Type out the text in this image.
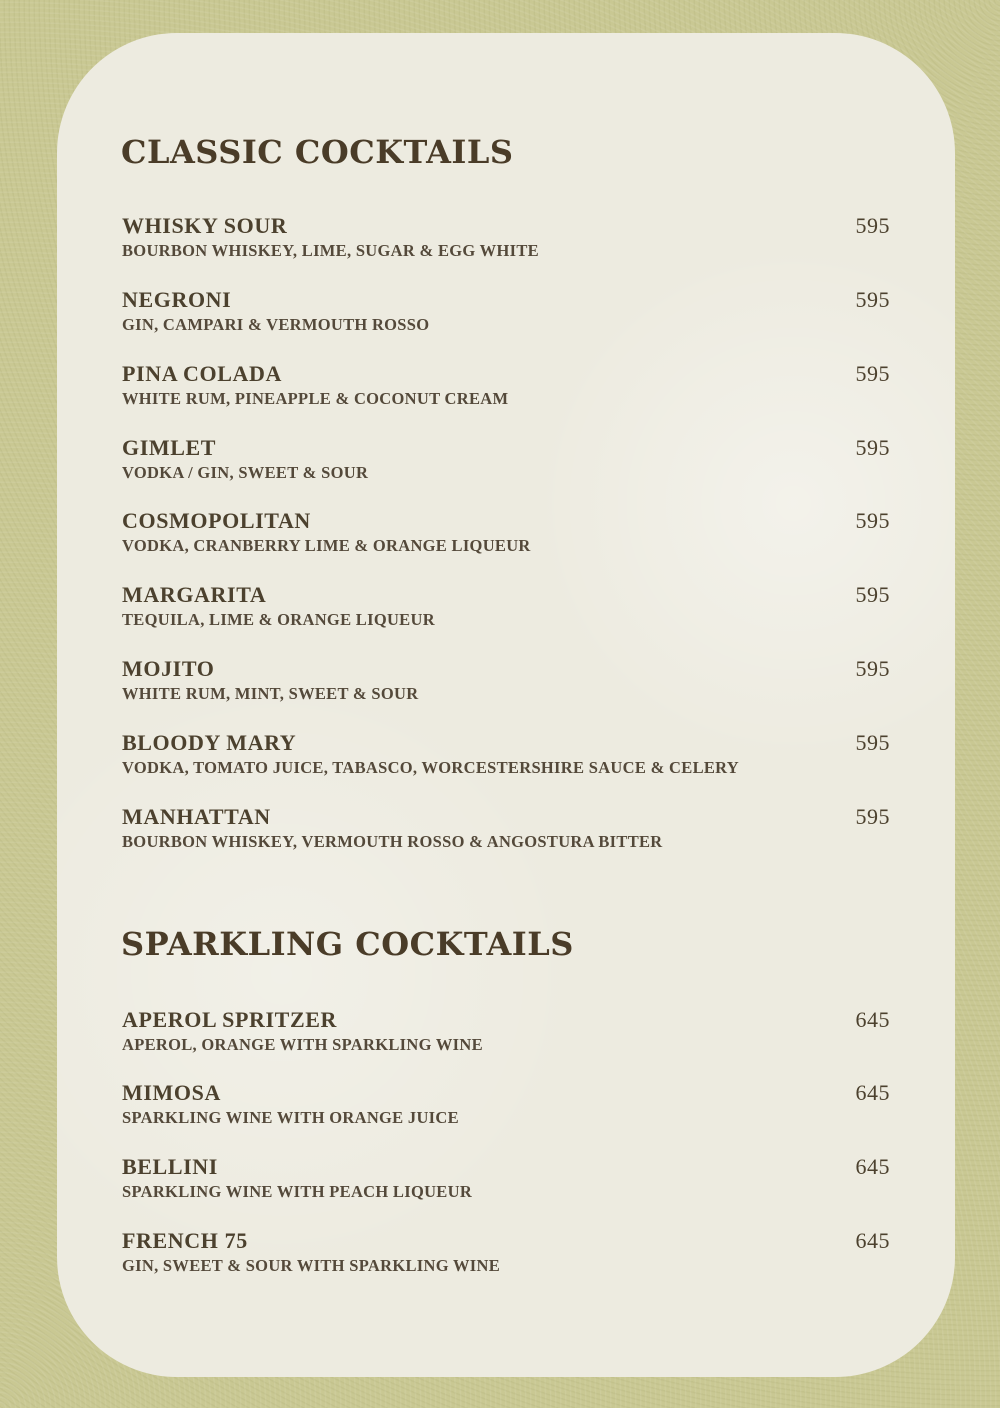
CLASSIC COCKTAILS
WHISKY SOUR	595
BOURBON WHISKEY, LIME, SUGAR & EGG WHITE
NEGRONI	595
GIN, CAMPARI & VERMOUTH ROSSO
PINA COLADA	595
WHITE RUM, PINEAPPLE & COCONUT CREAM
GIMLET	595
VODKA / GIN, SWEET & SOUR
COSMOPOLITAN	595
VODKA, CRANBERRY LIME & ORANGE LIQUEUR
MARGARITA	595
TEQUILA, LIME & ORANGE LIQUEUR
MOJITO	595
WHITE RUM, MINT, SWEET & SOUR
BLOODY MARY	595
VODKA, TOMATO JUICE, TABASCO, WORCESTERSHIRE SAUCE & CELERY
MANHATTAN	595
BOURBON WHISKEY, VERMOUTH ROSSO & ANGOSTURA BITTER
SPARKLING COCKTAILS
APEROL SPRITZER	645
APEROL, ORANGE WITH SPARKLING WINE
MIMOSA	645
SPARKLING WINE WITH ORANGE JUICE
BELLINI	645
SPARKLING WINE WITH PEACH LIQUEUR
FRENCH 75	645
GIN, SWEET & SOUR WITH SPARKLING WINE
